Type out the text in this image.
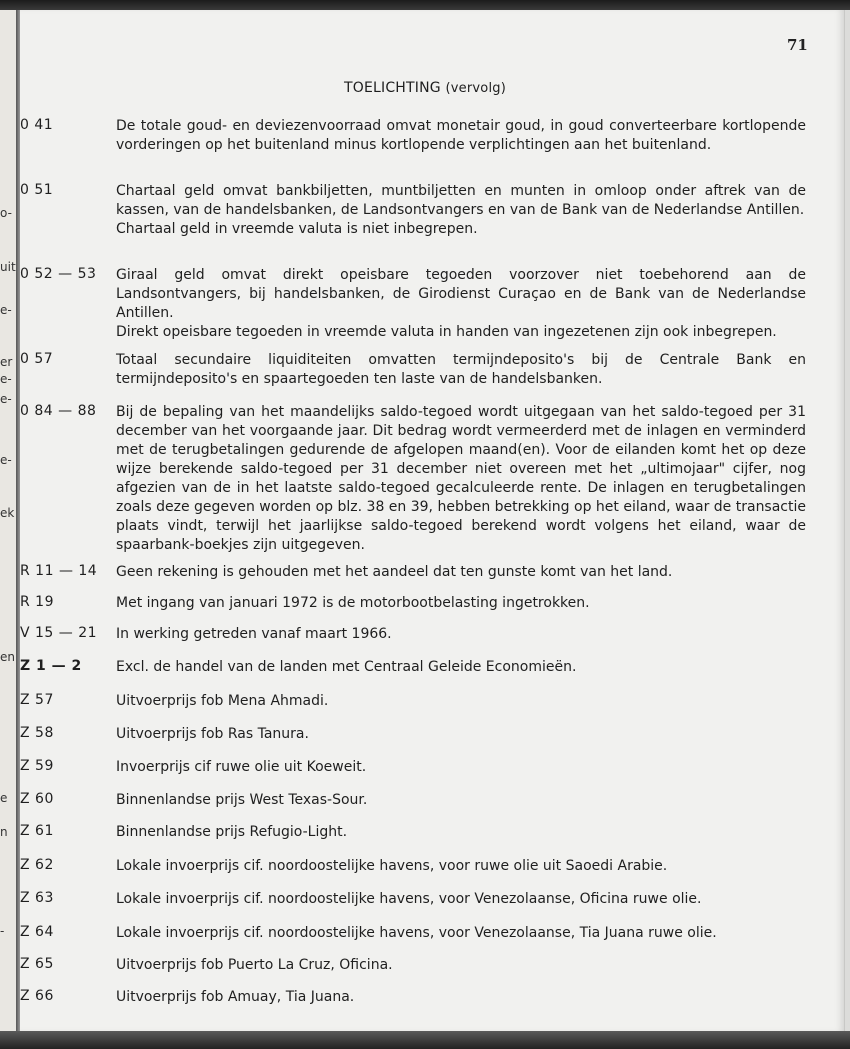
o-
uit
e-
er
e-
e-
e-
ek
en
e
n
-
71
TOELICHTING (vervolg)
0 41	De totale goud- en deviezenvoorraad omvat monetair goud, in goud converteerbare kortlopende vorderingen op het buitenland minus kortlopende verplichtingen aan het buitenland.

0 51	Chartaal geld omvat bankbiljetten, muntbiljetten en munten in omloop onder aftrek van de kassen, van de handelsbanken, de Landsontvangers en van de Bank van de Nederlandse Antillen.

Chartaal geld in vreemde valuta is niet inbegrepen.

0 52 — 53	Giraal geld omvat direkt opeisbare tegoeden voorzover niet toebehorend aan de Landsontvangers, bij handelsbanken, de Girodienst Curaçao en de Bank van de Nederlandse Antillen.

Direkt opeisbare tegoeden in vreemde valuta in handen van ingezetenen zijn ook inbegrepen.

0 57	Totaal secundaire liquiditeiten omvatten termijndeposito's bij de Centrale Bank en termijndeposito's en spaartegoeden ten laste van de handelsbanken.

0 84 — 88	Bij de bepaling van het maandelijks saldo-tegoed wordt uitgegaan van het saldo-tegoed per 31 december van het voorgaande jaar. Dit bedrag wordt vermeerderd met de inlagen en verminderd met de terugbetalingen gedurende de afgelopen maand(en). Voor de eilanden komt het op deze wijze berekende saldo-tegoed per 31 december niet overeen met het „ultimojaar" cijfer, nog afgezien van de in het laatste saldo-tegoed gecalculeerde rente. De inlagen en terugbetalingen zoals deze gegeven worden op blz. 38 en 39, hebben betrekking op het eiland, waar de transactie plaats vindt, terwijl het jaarlijkse saldo-tegoed berekend wordt volgens het eiland, waar de spaarbank-boekjes zijn uitgegeven.

R 11 — 14	Geen rekening is gehouden met het aandeel dat ten gunste komt van het land.

R 19	Met ingang van januari 1972 is de motorbootbelasting ingetrokken.

V 15 — 21	In werking getreden vanaf maart 1966.

Z 1 — 2	Excl. de handel van de landen met Centraal Geleide Economieën.

Z 57	Uitvoerprijs fob Mena Ahmadi.

Z 58	Uitvoerprijs fob Ras Tanura.

Z 59	Invoerprijs cif ruwe olie uit Koeweit.

Z 60	Binnenlandse prijs West Texas-Sour.

Z 61	Binnenlandse prijs Refugio-Light.

Z 62	Lokale invoerprijs cif. noordoostelijke havens, voor ruwe olie uit Saoedi Arabie.

Z 63	Lokale invoerprijs cif. noordoostelijke havens, voor Venezolaanse, Oficina ruwe olie.

Z 64	Lokale invoerprijs cif. noordoostelijke havens, voor Venezolaanse, Tia Juana ruwe olie.

Z 65	Uitvoerprijs fob Puerto La Cruz, Oficina.

Z 66	Uitvoerprijs fob Amuay, Tia Juana.
